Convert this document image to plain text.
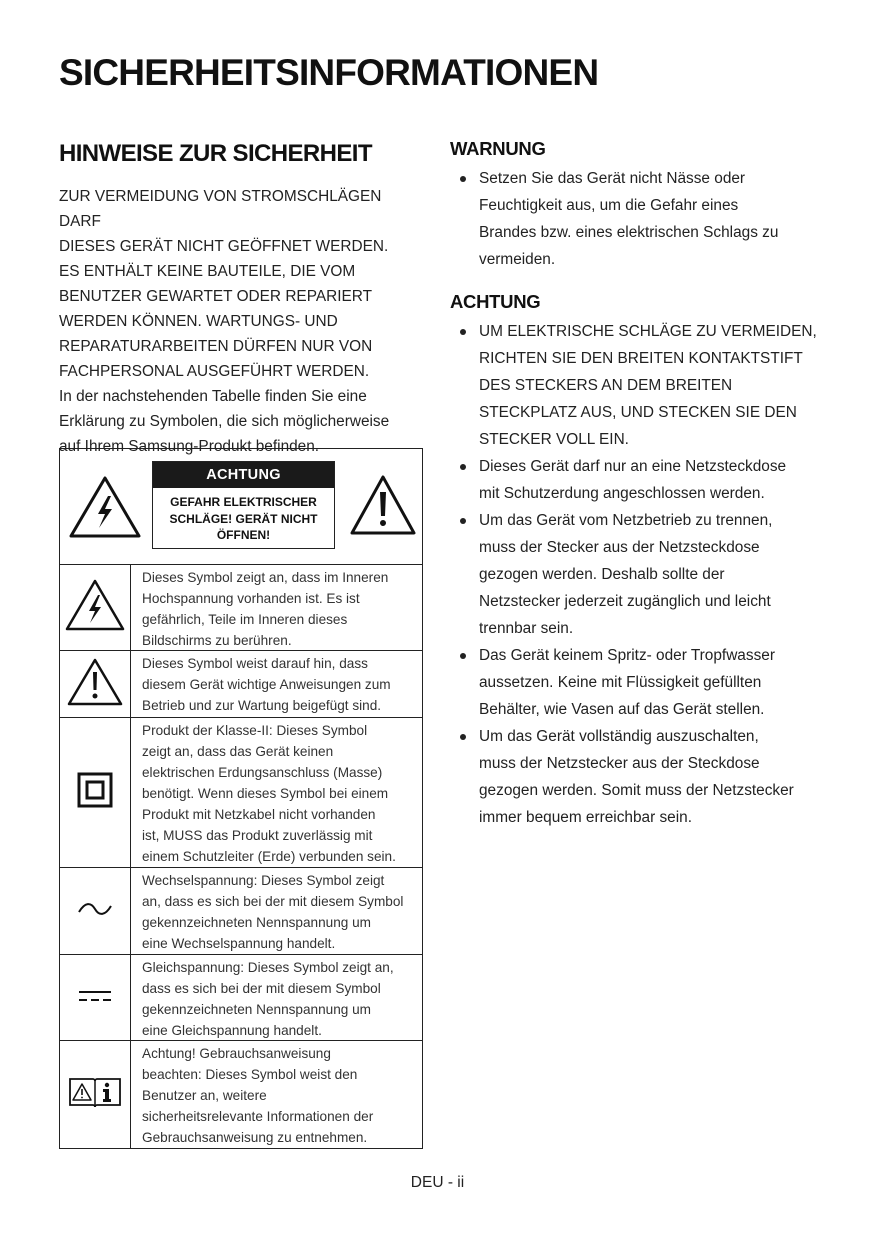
SICHERHEITSINFORMATIONEN
HINWEISE ZUR SICHERHEIT

ZUR VERMEIDUNG VON STROMSCHLÄGEN DARF

DIESES GERÄT NICHT GEÖFFNET WERDEN.

ES ENTHÄLT KEINE BAUTEILE, DIE VOM

BENUTZER GEWARTET ODER REPARIERT

WERDEN KÖNNEN. WARTUNGS- UND

REPARATURARBEITEN DÜRFEN NUR VON

FACHPERSONAL AUSGEFÜHRT WERDEN.

In der nachstehenden Tabelle finden Sie eine

Erklärung zu Symbolen, die sich möglicherweise

auf Ihrem Samsung-Produkt befinden.

ACHTUNG
GEFAHR ELEKTRISCHER
SCHLÄGE! GERÄT NICHT
ÖFFNEN!
Dieses Symbol zeigt an, dass im Inneren
Hochspannung vorhanden ist. Es ist
gefährlich, Teile im Inneren dieses
Bildschirms zu berühren.
Dieses Symbol weist darauf hin, dass
diesem Gerät wichtige Anweisungen zum
Betrieb und zur Wartung beigefügt sind.
Produkt der Klasse-II: Dieses Symbol
zeigt an, dass das Gerät keinen
elektrischen Erdungsanschluss (Masse)
benötigt. Wenn dieses Symbol bei einem
Produkt mit Netzkabel nicht vorhanden
ist, MUSS das Produkt zuverlässig mit
einem Schutzleiter (Erde) verbunden sein.
Wechselspannung: Dieses Symbol zeigt
an, dass es sich bei der mit diesem Symbol
gekennzeichneten Nennspannung um
eine Wechselspannung handelt.
Gleichspannung: Dieses Symbol zeigt an,
dass es sich bei der mit diesem Symbol
gekennzeichneten Nennspannung um
eine Gleichspannung handelt.
Achtung! Gebrauchsanweisung
beachten: Dieses Symbol weist den
Benutzer an, weitere
sicherheitsrelevante Informationen der
Gebrauchsanweisung zu entnehmen.
WARNUNG
Setzen Sie das Gerät nicht Nässe oder
Feuchtigkeit aus, um die Gefahr eines
Brandes bzw. eines elektrischen Schlags zu
vermeiden.
ACHTUNG
UM ELEKTRISCHE SCHLÄGE ZU VERMEIDEN,
RICHTEN SIE DEN BREITEN KONTAKTSTIFT
DES STECKERS AN DEM BREITEN
STECKPLATZ AUS, UND STECKEN SIE DEN
STECKER VOLL EIN.
Dieses Gerät darf nur an eine Netzsteckdose
mit Schutzerdung angeschlossen werden.
Um das Gerät vom Netzbetrieb zu trennen,
muss der Stecker aus der Netzsteckdose
gezogen werden. Deshalb sollte der
Netzstecker jederzeit zugänglich und leicht
trennbar sein.
Das Gerät keinem Spritz- oder Tropfwasser
aussetzen. Keine mit Flüssigkeit gefüllten
Behälter, wie Vasen auf das Gerät stellen.
Um das Gerät vollständig auszuschalten,
muss der Netzstecker aus der Steckdose
gezogen werden. Somit muss der Netzstecker
immer bequem erreichbar sein.
DEU - ii
